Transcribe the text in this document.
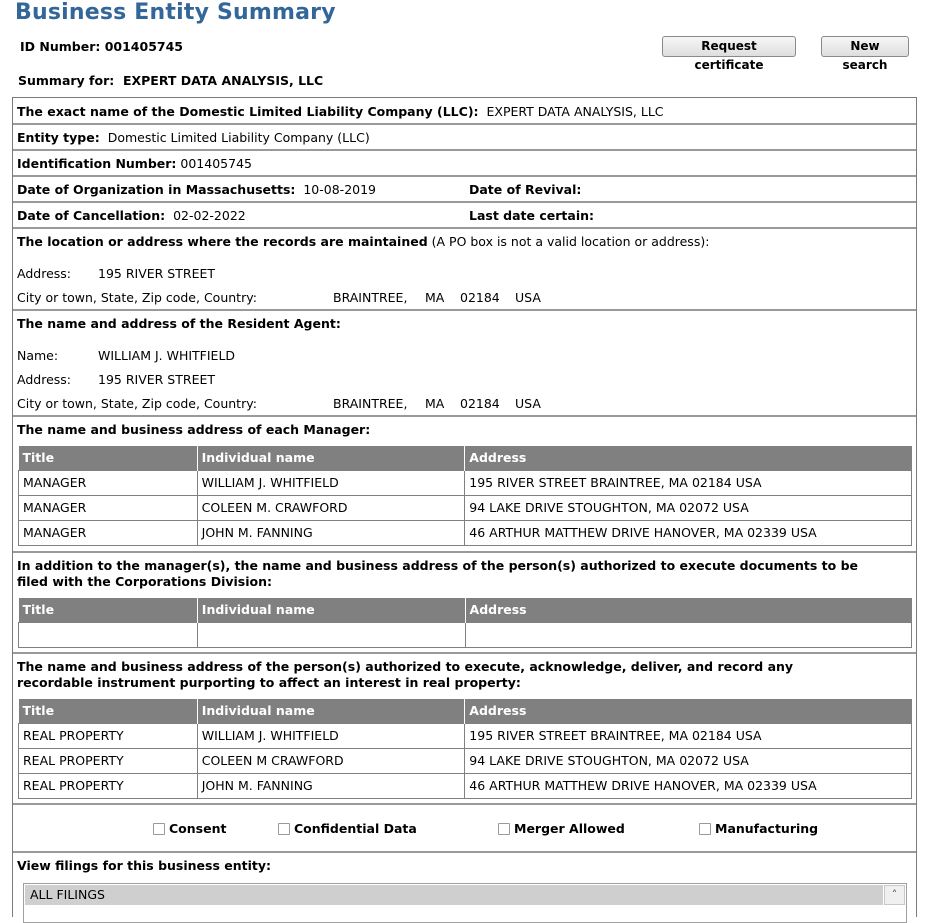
Business Entity Summary
ID Number: 001405745	Request certificate
New search
Summary for: EXPERT DATA ANALYSIS, LLC
The exact name of the Domestic Limited Liability Company (LLC): EXPERT DATA ANALYSIS, LLC
Entity type: Domestic Limited Liability Company (LLC)
Identification Number: 001405745
Date of Organization in Massachusetts: 10-08-2019	Date of Revival:
Date of Cancellation: 02-02-2022	Last date certain:
The location or address where the records are maintained (A PO box is not a valid location or address):
Address: 195 RIVER STREET
City or town, State, Zip code, Country:	BRAINTREE, MA 02184 USA
The name and address of the Resident Agent:
Name:	WILLIAM J. WHITFIELD
Address: 195 RIVER STREET
City or town, State, Zip code, Country:	BRAINTREE, MA 02184 USA
The name and business address of each Manager:
Title	Individual name	Address
MANAGER	WILLIAM J. WHITFIELD	195 RIVER STREET BRAINTREE, MA 02184 USA
MANAGER	COLEEN M. CRAWFORD	94 LAKE DRIVE STOUGHTON, MA 02072 USA
MANAGER	JOHN M. FANNING	46 ARTHUR MATTHEW DRIVE HANOVER, MA 02339 USA
In addition to the manager(s), the name and business address of the person(s) authorized to execute documents to be
filed with the Corporations Division:
Title	Individual name	Address

The name and business address of the person(s) authorized to execute, acknowledge, deliver, and record any
recordable instrument purporting to affect an interest in real property:
Title	Individual name	Address
REAL PROPERTY	WILLIAM J. WHITFIELD	195 RIVER STREET BRAINTREE, MA 02184 USA
REAL PROPERTY	COLEEN M CRAWFORD	94 LAKE DRIVE STOUGHTON, MA 02072 USA
REAL PROPERTY	JOHN M. FANNING	46 ARTHUR MATTHEW DRIVE HANOVER, MA 02339 USA
Consent	Confidential Data	Merger Allowed	Manufacturing
View filings for this business entity:
ALL FILINGS	˄
